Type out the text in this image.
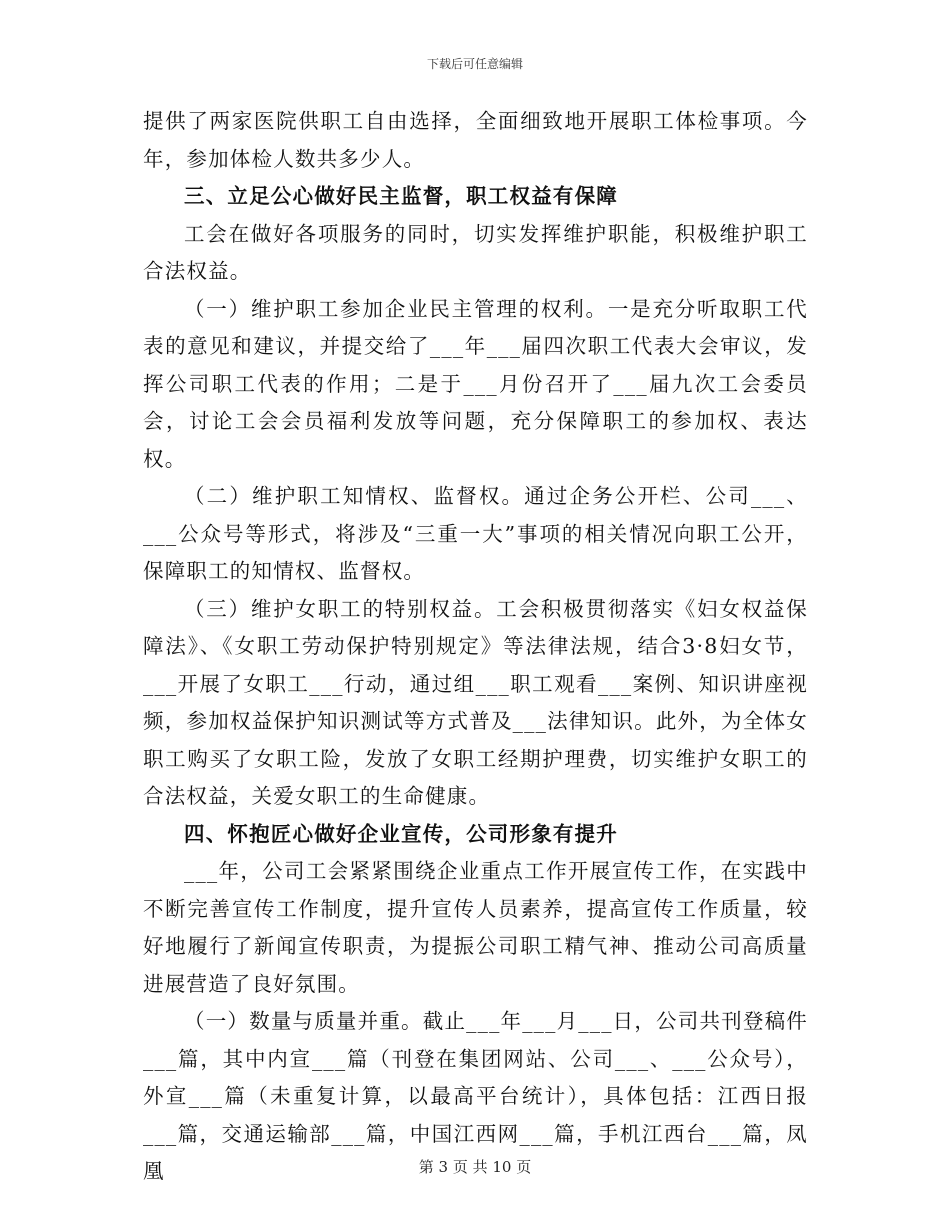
下载后可任意编辑

提供了两家医院供职工自由选择，全面细致地开展职工体检事项。今年，参加体检人数共多少人。

三、立足公心做好民主监督，职工权益有保障

工会在做好各项服务的同时，切实发挥维护职能，积极维护职工合法权益。

（一）维护职工参加企业民主管理的权利。一是充分听取职工代表的意见和建议，并提交给了___年___届四次职工代表大会审议，发挥公司职工代表的作用；二是于___月份召开了___届九次工会委员会，讨论工会会员福利发放等问题，充分保障职工的参加权、表达权。

（二）维护职工知情权、监督权。通过企务公开栏、公司___、___公众号等形式，将涉及“三重一大”事项的相关情况向职工公开，保障职工的知情权、监督权。

（三）维护女职工的特别权益。工会积极贯彻落实《妇女权益保障法》、《女职工劳动保护特别规定》等法律法规，结合3·8妇女节，___开展了女职工___行动，通过组___职工观看___案例、知识讲座视频，参加权益保护知识测试等方式普及___法律知识。此外，为全体女职工购买了女职工险，发放了女职工经期护理费，切实维护女职工的合法权益，关爱女职工的生命健康。

四、怀抱匠心做好企业宣传，公司形象有提升

___年，公司工会紧紧围绕企业重点工作开展宣传工作，在实践中不断完善宣传工作制度，提升宣传人员素养，提高宣传工作质量，较好地履行了新闻宣传职责，为提振公司职工精气神、推动公司高质量进展营造了良好氛围。

（一）数量与质量并重。截止___年___月___日，公司共刊登稿件___篇，其中内宣___篇（刊登在集团网站、公司___、___公众号），外宣___篇（未重复计算，以最高平台统计），具体包括：江西日报___篇，交通运输部___篇，中国江西网___篇，手机江西台___篇，凤凰	第 3 页 共 10 页
